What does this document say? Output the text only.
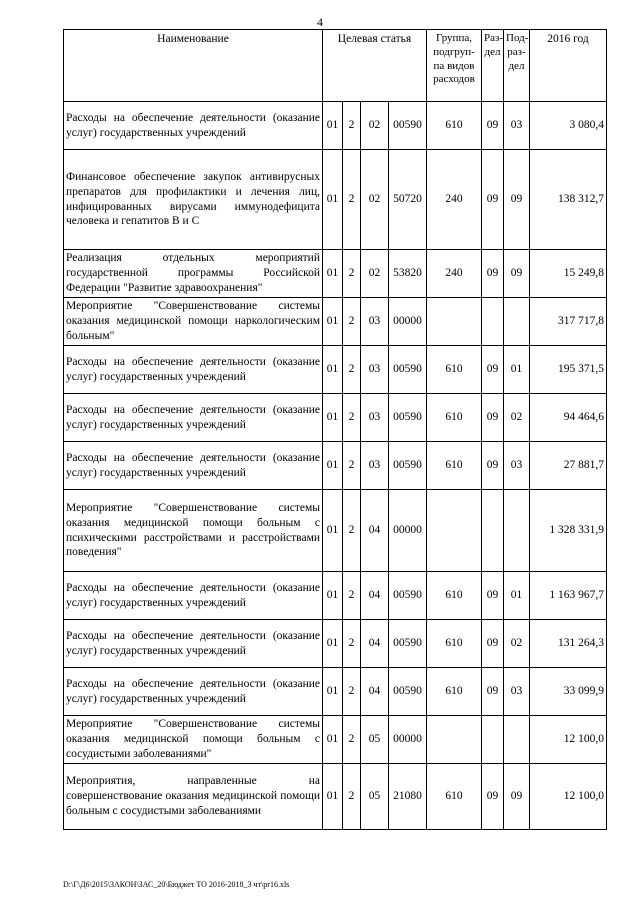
4
Наименование	Целевая статья				Группа, подгруп-па видов расходов	Раз-дел	Под-раз-дел	2016 год
Расходы на обеспечение деятельности (оказание услуг) государственных учреждений	01	2	02	00590	610	09	03	3 080,4
Финансовое обеспечение закупок антивирусных препаратов для профилактики и лечения лиц, инфицированных вирусами иммунодефицита человека и гепатитов В и С	01	2	02	50720	240	09	09	138 312,7
Реализация отдельных мероприятий государственной программы Российской Федерации "Развитие здравоохранения"	01	2	02	53820	240	09	09	15 249,8
Мероприятие "Совершенствование системы оказания медицинской помощи наркологическим больным"	01	2	03	00000				317 717,8
Расходы на обеспечение деятельности (оказание услуг) государственных учреждений	01	2	03	00590	610	09	01	195 371,5
Расходы на обеспечение деятельности (оказание услуг) государственных учреждений	01	2	03	00590	610	09	02	94 464,6
Расходы на обеспечение деятельности (оказание услуг) государственных учреждений	01	2	03	00590	610	09	03	27 881,7
Мероприятие "Совершенствование системы оказания медицинской помощи больным с психическими расстройствами и расстройствами поведения"	01	2	04	00000				1 328 331,9
Расходы на обеспечение деятельности (оказание услуг) государственных учреждений	01	2	04	00590	610	09	01	1 163 967,7
Расходы на обеспечение деятельности (оказание услуг) государственных учреждений	01	2	04	00590	610	09	02	131 264,3
Расходы на обеспечение деятельности (оказание услуг) государственных учреждений	01	2	04	00590	610	09	03	33 099,9
Мероприятие "Совершенствование системы оказания медицинской помощи больным с сосудистыми заболеваниями"	01	2	05	00000				12 100,0
Мероприятия, направленные на совершенствование оказания медицинской помощи больным с сосудистыми заболеваниями	01	2	05	21080	610	09	09	12 100,0
D:\Г\Д6\2015\ЗАКОН\ЗАС_20\Бюджет ТО 2016-2018_3 чт\pr16.xls
